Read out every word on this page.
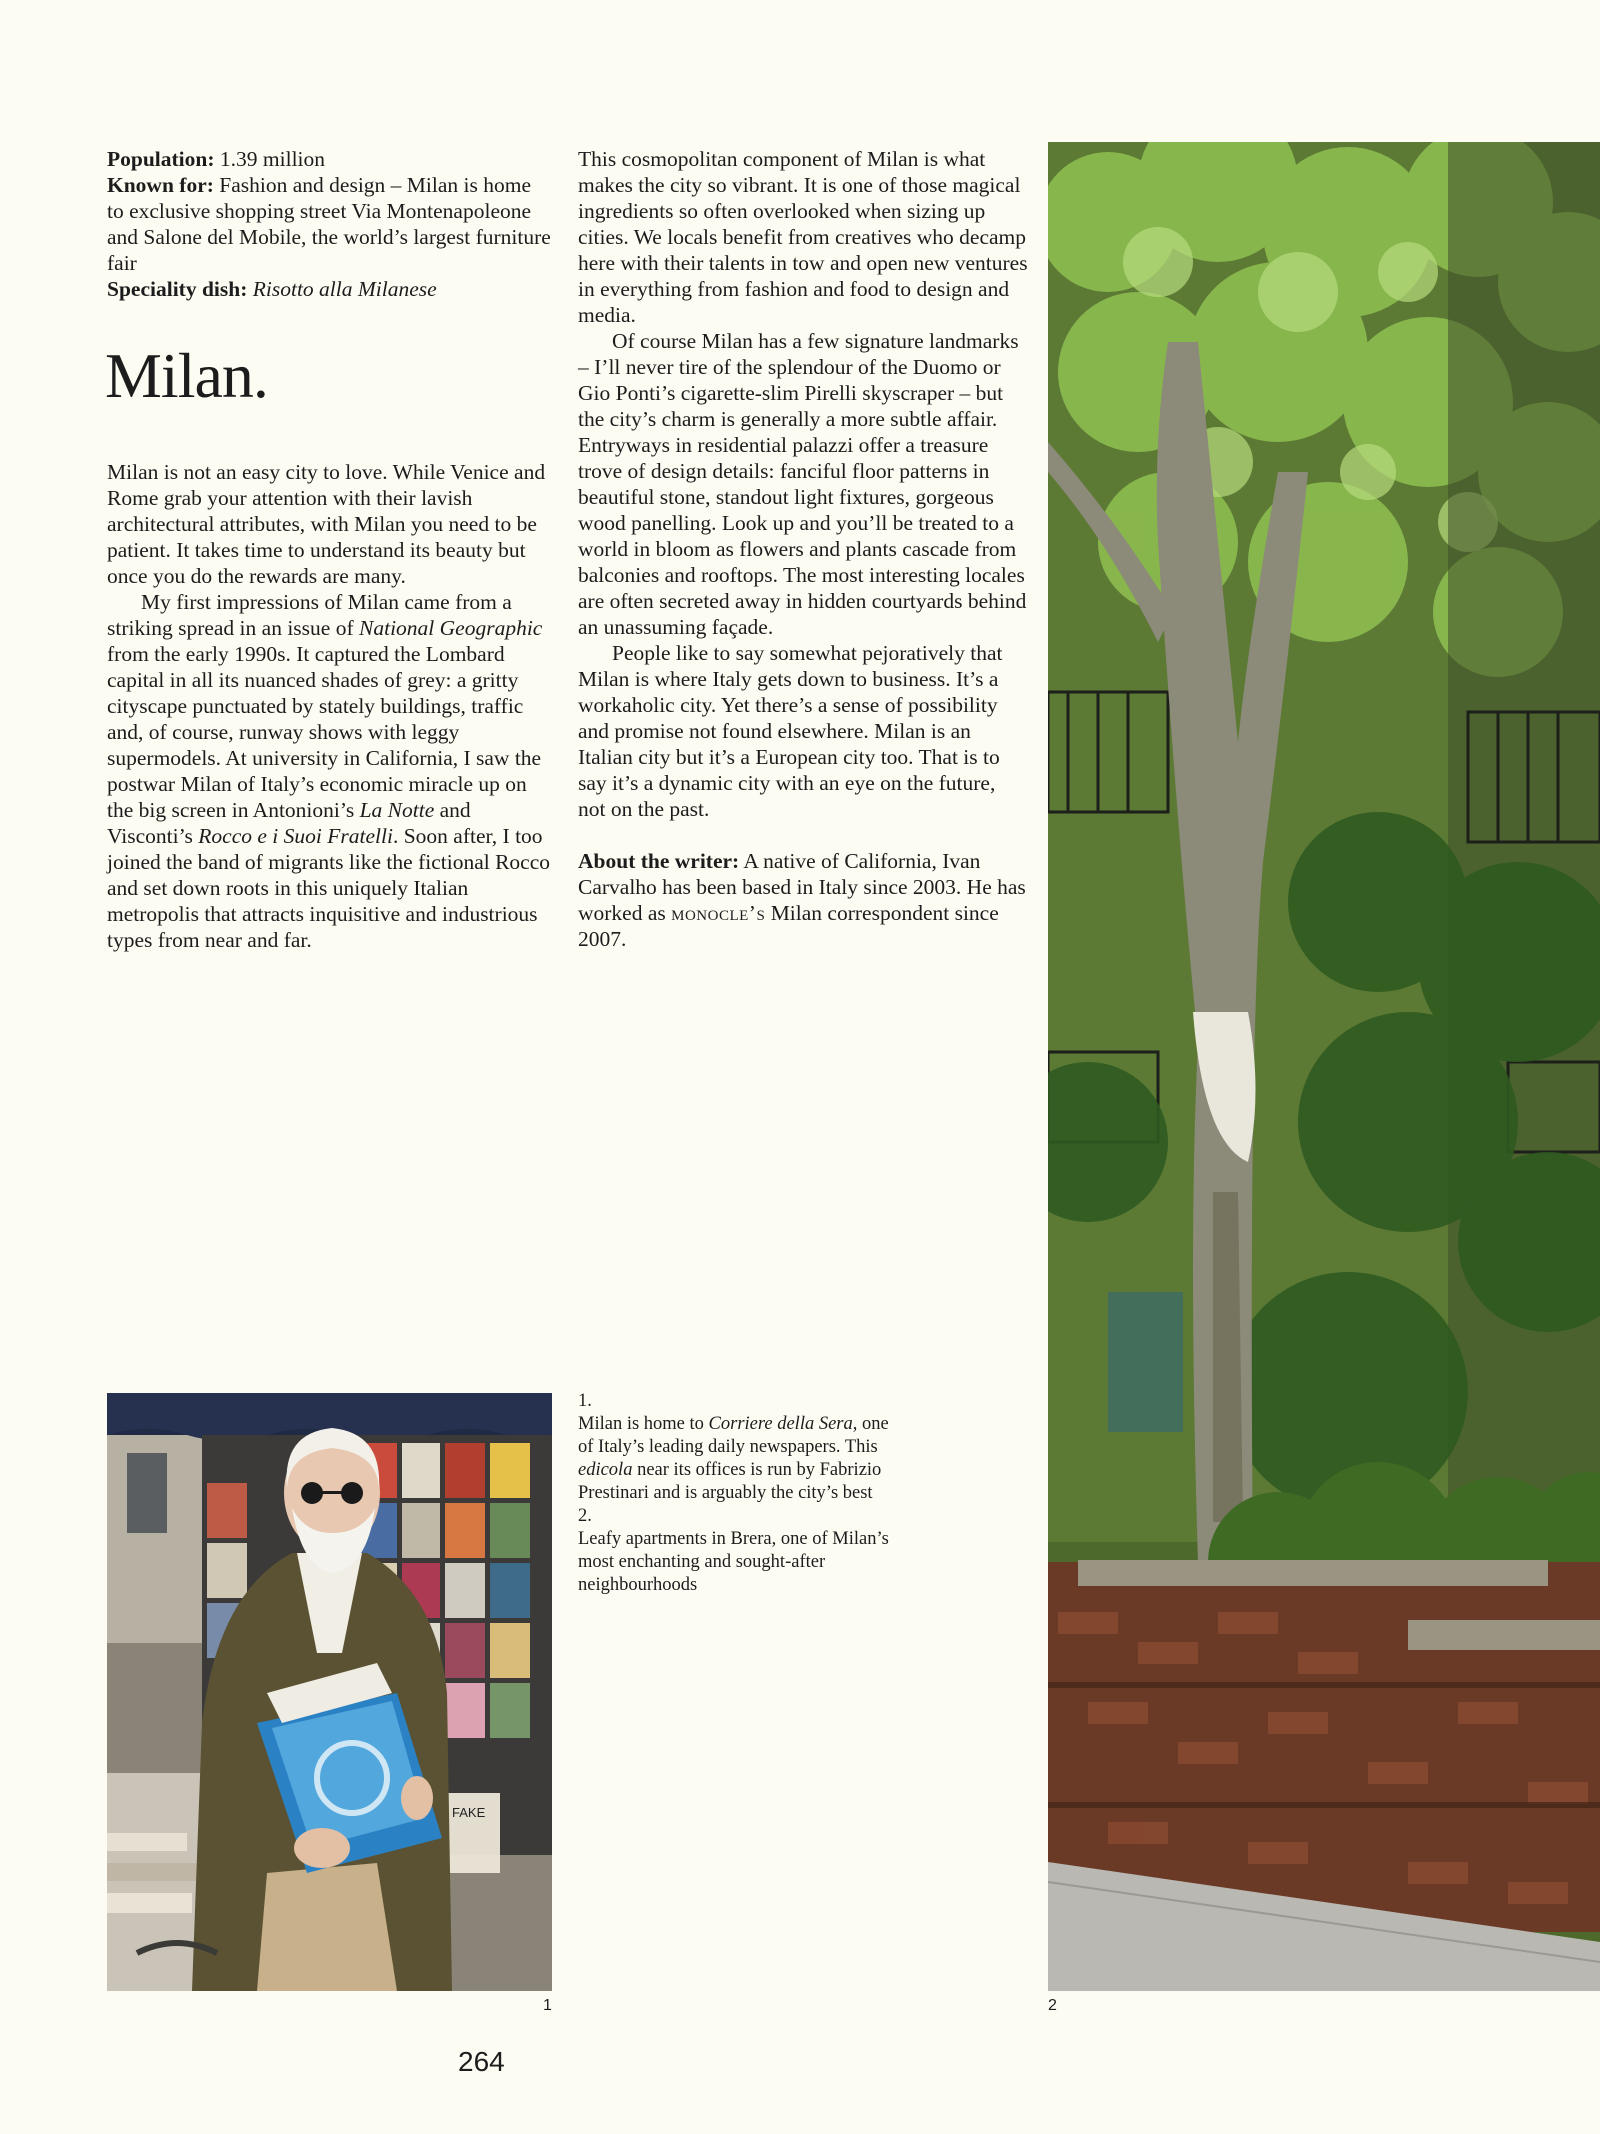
Population: 1.39 million
Known for: Fashion and design – Milan is home to exclusive shopping street Via Montenapoleone and Salone del Mobile, the world’s largest furniture fair
Speciality dish: Risotto alla Milanese
Milan.

Milan is not an easy city to love. While Venice and Rome grab your attention with their lavish architectural attributes, with Milan you need to be patient. It takes time to understand its beauty but once you do the rewards are many.

My first impressions of Milan came from a striking spread in an issue of National Geographic from the early 1990s. It captured the Lombard capital in all its nuanced shades of grey: a gritty cityscape punctuated by stately buildings, traffic and, of course, runway shows with leggy supermodels. At university in California, I saw the postwar Milan of Italy’s economic miracle up on the big screen in Antonioni’s La Notte and Visconti’s Rocco e i Suoi Fratelli. Soon after, I too joined the band of migrants like the fictional Rocco and set down roots in this uniquely Italian metropolis that attracts inquisitive and industrious types from near and far.

This cosmopolitan component of Milan is what makes the city so vibrant. It is one of those magical ingredients so often overlooked when sizing up cities. We locals benefit from creatives who decamp here with their talents in tow and open new ventures in everything from fashion and food to design and media.

Of course Milan has a few signature landmarks – I’ll never tire of the splendour of the Duomo or Gio Ponti’s cigarette-slim Pirelli skyscraper – but the city’s charm is generally a more subtle affair. Entryways in residential palazzi offer a treasure trove of design details: fanciful floor patterns in beautiful stone, standout light fixtures, gorgeous wood panelling. Look up and you’ll be treated to a world in bloom as flowers and plants cascade from balconies and rooftops. The most interesting locales are often secreted away in hidden courtyards behind an unassuming façade.

People like to say somewhat pejoratively that Milan is where Italy gets down to business. It’s a workaholic city. Yet there’s a sense of possibility and promise not found elsewhere. Milan is an Italian city but it’s a European city too. That is to say it’s a dynamic city with an eye on the future, not on the past.

About the writer: A native of California, Ivan Carvalho has been based in Italy since 2003. He has worked as monocle’s Milan correspondent since 2007.

1.
Milan is home to Corriere della Sera, one of Italy’s leading daily newspapers. This edicola near its offices is run by Fabrizio Prestinari and is arguably the city’s best
2.
Leafy apartments in Brera, one of Milan’s most enchanting and sought-after neighbourhoods
FAKE
1	2
264
